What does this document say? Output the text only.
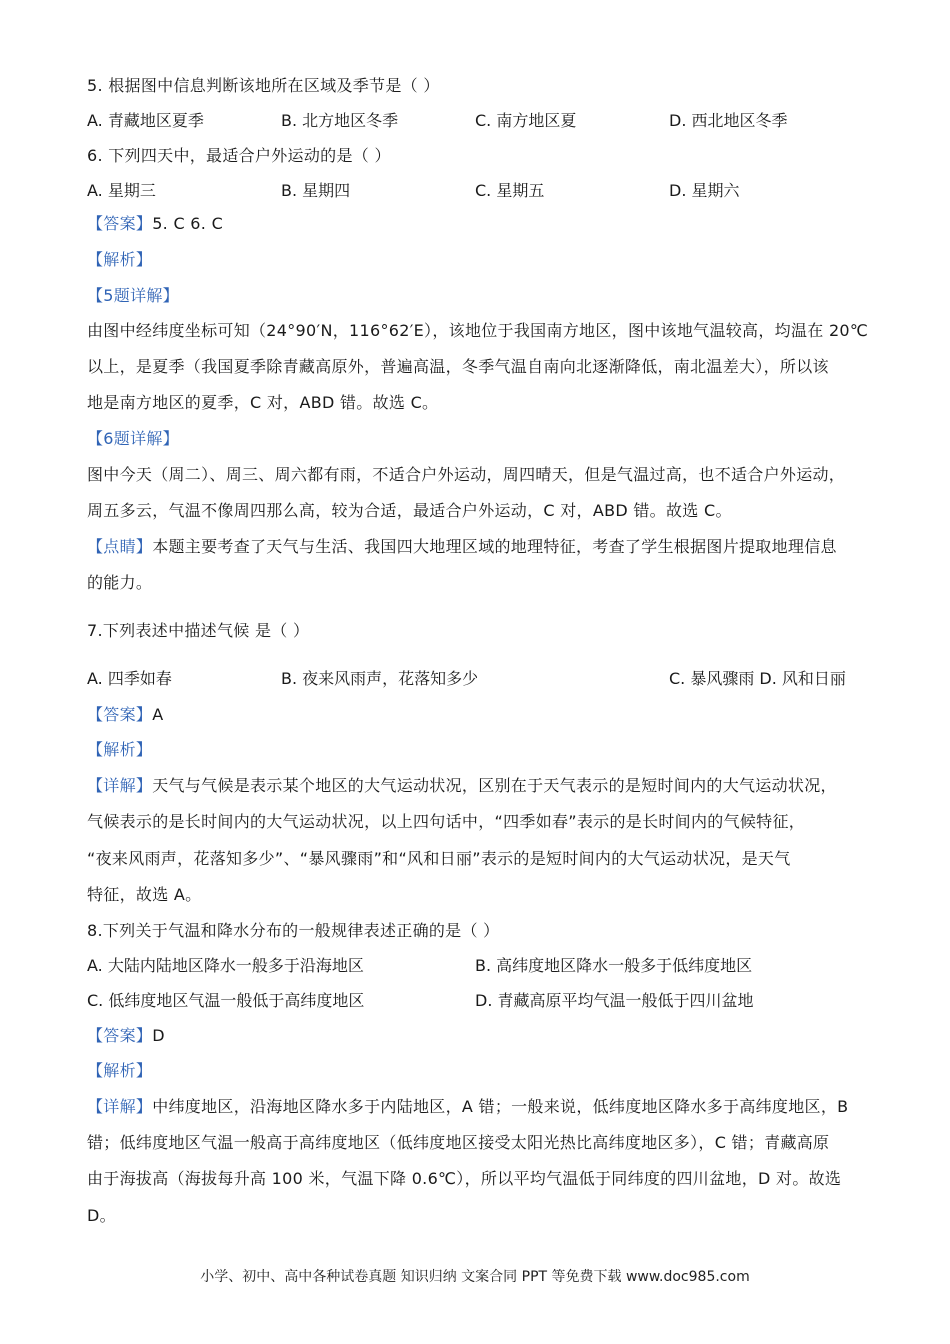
5. 根据图中信息判断该地所在区域及季节是（ ）
A. 青藏地区夏季	B. 北方地区冬季	C. 南方地区夏	D. 西北地区冬季
6. 下列四天中，最适合户外运动的是（ ）
A. 星期三	B. 星期四	C. 星期五	D. 星期六
【答案】5. C 6. C
【解析】
【5题详解】
由图中经纬度坐标可知（24°90′N，116°62′E），该地位于我国南方地区，图中该地气温较高，均温在 20℃
以上，是夏季（我国夏季除青藏高原外，普遍高温，冬季气温自南向北逐渐降低，南北温差大），所以该
地是南方地区的夏季，C 对，ABD 错。故选 C。
【6题详解】
图中今天（周二）、周三、周六都有雨，不适合户外运动，周四晴天，但是气温过高，也不适合户外运动，
周五多云，气温不像周四那么高，较为合适，最适合户外运动，C 对，ABD 错。故选 C。
【点睛】本题主要考查了天气与生活、我国四大地理区域的地理特征，考查了学生根据图片提取地理信息
的能力。
7.下列表述中描述气候 是（ ）
A. 四季如春	B. 夜来风雨声，花落知多少	C. 暴风骤雨 D. 风和日丽
【答案】A
【解析】
【详解】天气与气候是表示某个地区的大气运动状况，区别在于天气表示的是短时间内的大气运动状况，
气候表示的是长时间内的大气运动状况，以上四句话中，“四季如春”表示的是长时间内的气候特征，
“夜来风雨声，花落知多少”、“暴风骤雨”和“风和日丽”表示的是短时间内的大气运动状况，是天气
特征，故选 A。
8.下列关于气温和降水分布的一般规律表述正确的是（ ）
A. 大陆内陆地区降水一般多于沿海地区	B. 高纬度地区降水一般多于低纬度地区
C. 低纬度地区气温一般低于高纬度地区	D. 青藏高原平均气温一般低于四川盆地
【答案】D
【解析】
【详解】中纬度地区，沿海地区降水多于内陆地区，A 错；一般来说，低纬度地区降水多于高纬度地区，B
错；低纬度地区气温一般高于高纬度地区（低纬度地区接受太阳光热比高纬度地区多），C 错；青藏高原
由于海拔高（海拔每升高 100 米，气温下降 0.6℃），所以平均气温低于同纬度的四川盆地，D 对。故选
D。
小学、初中、高中各种试卷真题 知识归纳 文案合同 PPT 等免费下载 www.doc985.com
